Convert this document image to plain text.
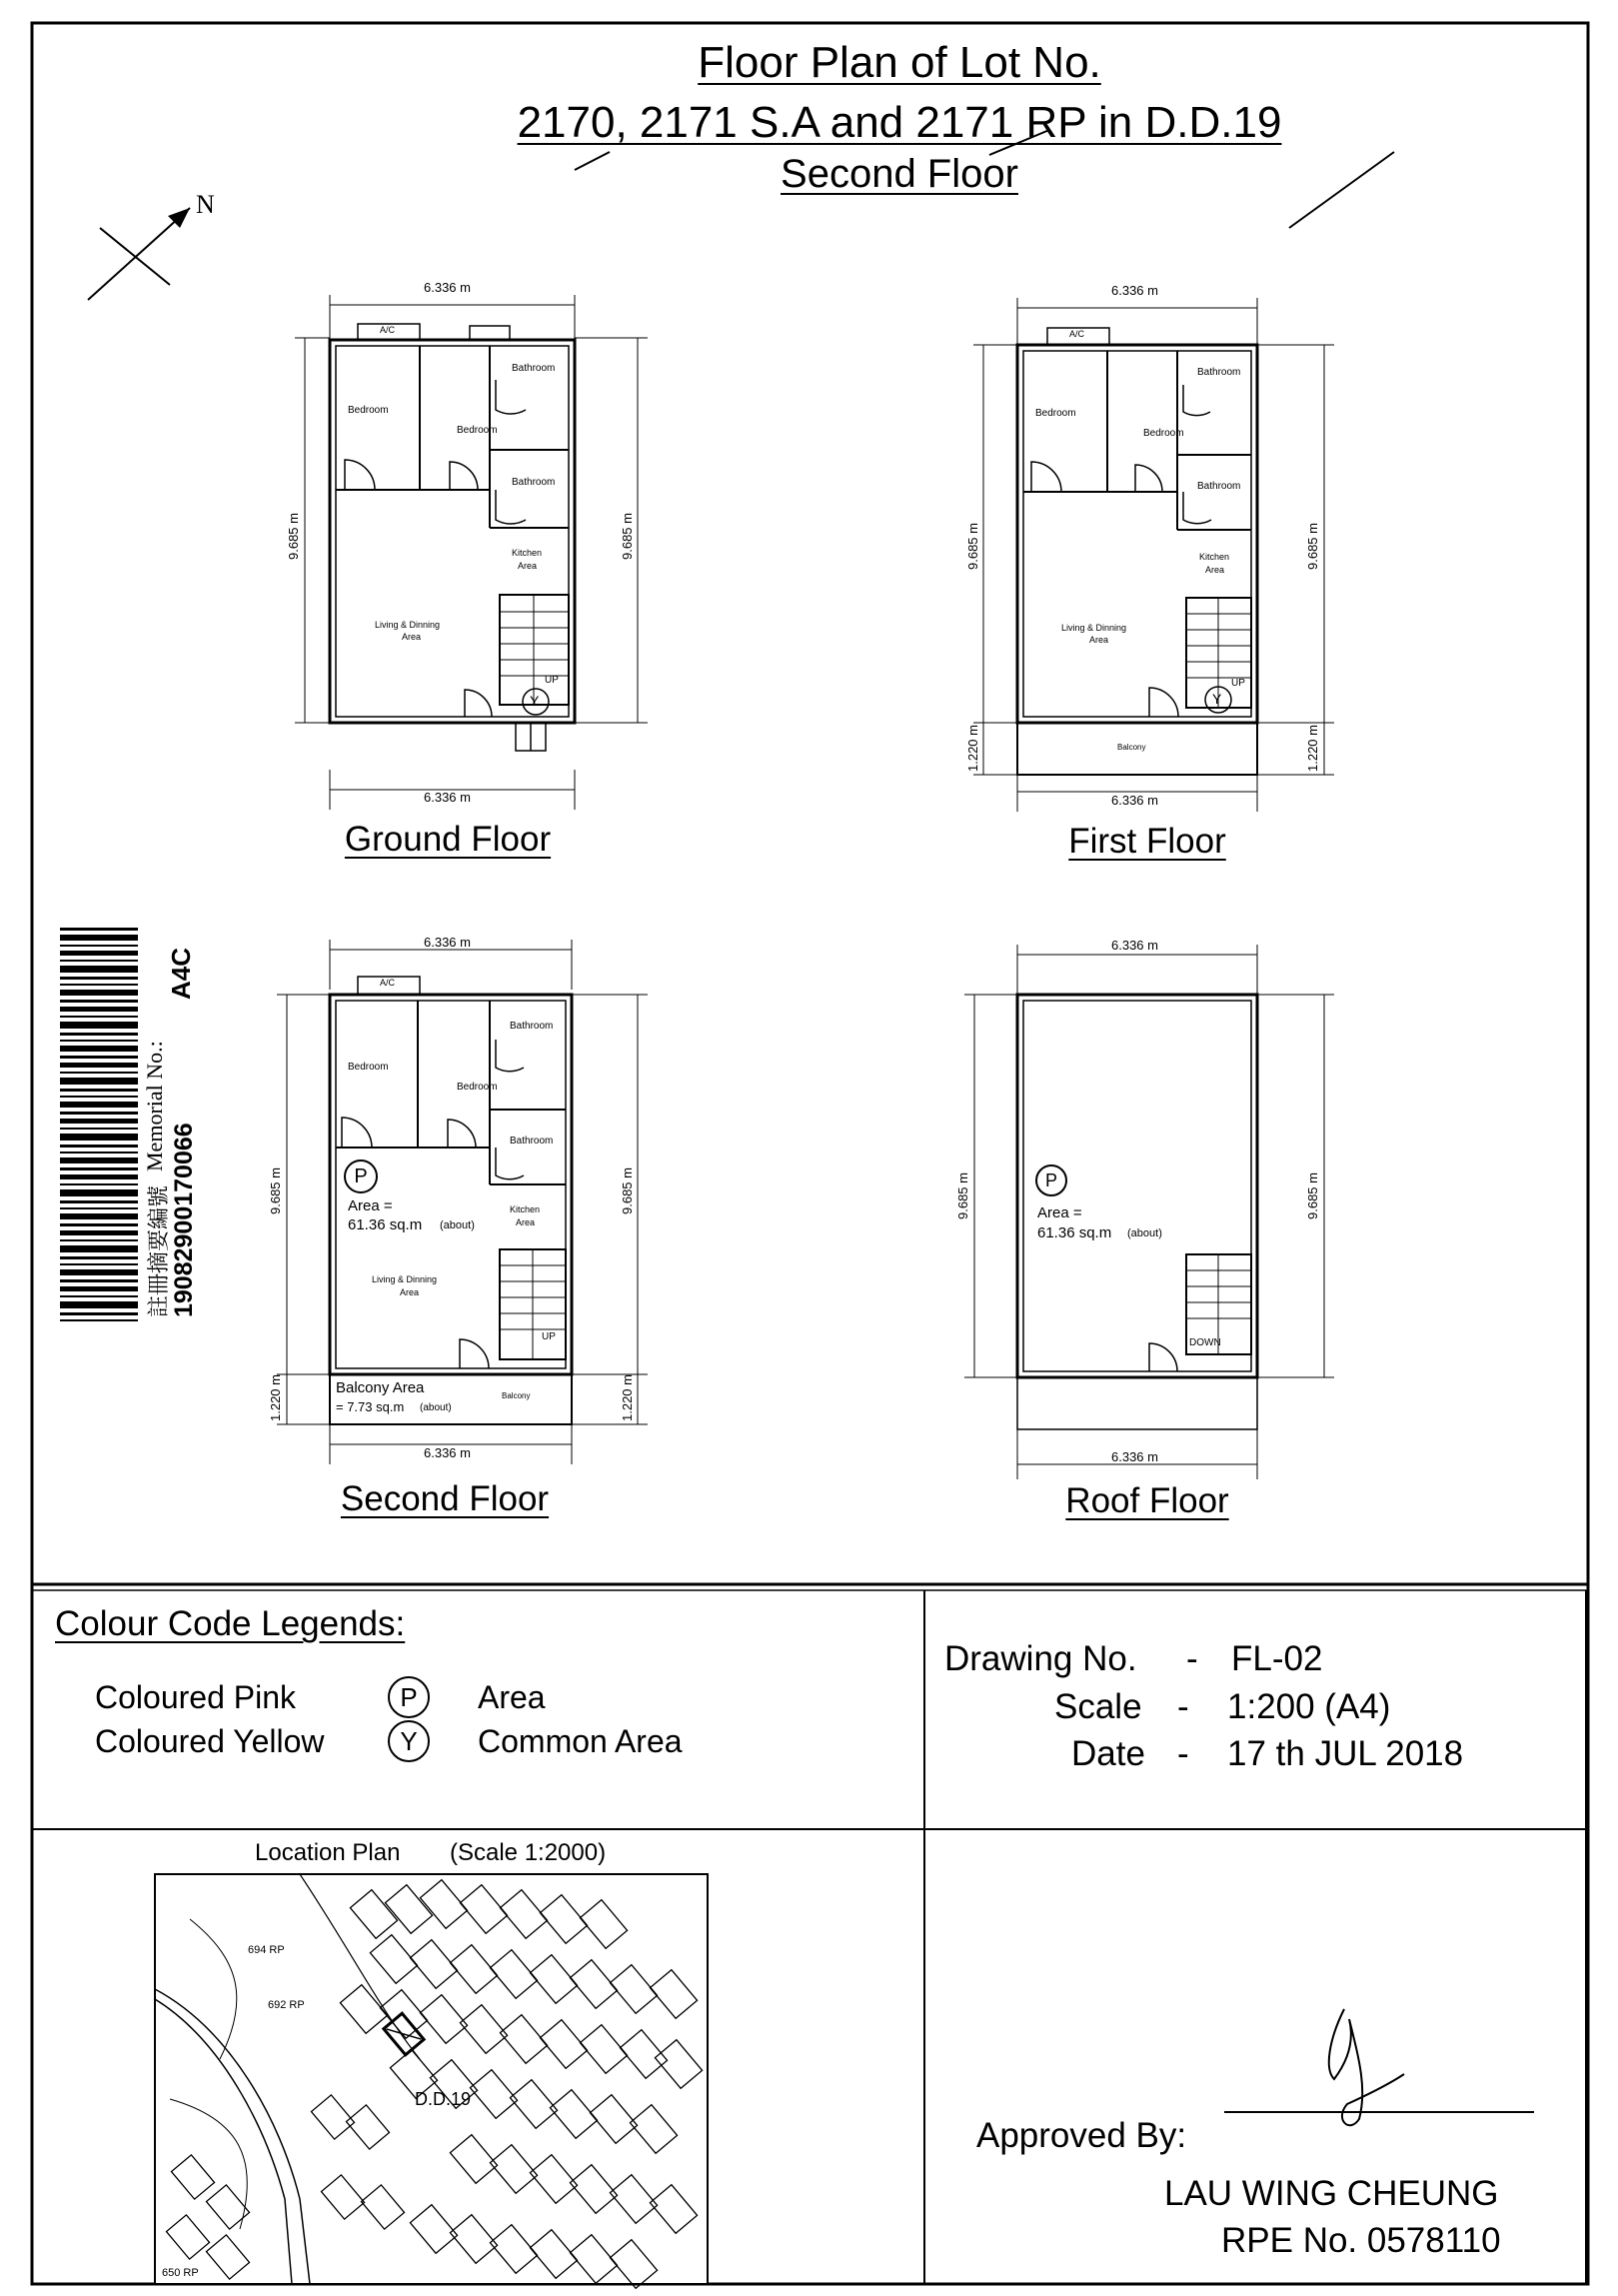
Floor Plan of Lot No.
2170, 2171 S.A and 2171 RP in D.D.19
Second Floor
N
6.336 m
6.336 m
9.685 m	9.685 m
A/C
Bedroom
Bedroom
Bathroom
Bathroom
Kitchen
Area
Living & Dinning
Area
UP
Y
Ground Floor
6.336 m
6.336 m
9.685 m	9.685 m
1.220 m	1.220 m
A/C
Bedroom
Bedroom
Bathroom
Bathroom
Kitchen
Area
Living & Dinning
Area
UP
Y
Balcony
First Floor
6.336 m
6.336 m
9.685 m	9.685 m
1.220 m	1.220 m
A/C
Bedroom
Bedroom
Bathroom
Bathroom
Kitchen
Area
Living & Dinning
Area
UP
Balcony
P
Area =
61.36 sq.m (about)
Balcony Area
= 7.73 sq.m (about)
Second Floor
6.336 m
6.336 m
9.685 m	9.685 m
P
Area =
61.36 sq.m (about)
DOWN
Roof Floor
19082900170066
註冊摘要編號
Memorial No.:
A4C
Colour Code Legends:
Coloured Pink	P	Area
Coloured Yellow	Y	Common Area
Drawing No. - FL-02
Scale - 1:200 (A4)
Date - 17 th JUL 2018
Location Plan (Scale 1:2000)
694 RP
692 RP
650 RP
D.D.19
Approved By:
LAU WING CHEUNG
RPE No. 0578110
